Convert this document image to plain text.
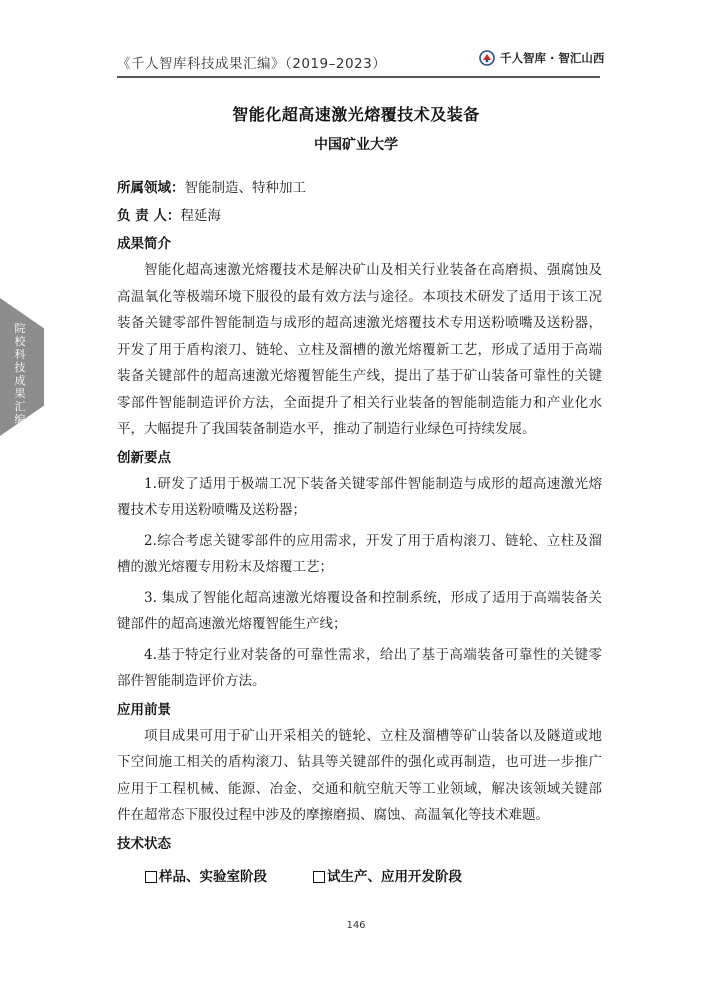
《千人智库科技成果汇编》（2019–2023）	千人智库 · 智汇山西
院校科技成果汇编
智能化超高速激光熔覆技术及装备
中国矿业大学
所属领域：智能制造、特种加工
负 责 人：程延海
成果简介

智能化超高速激光熔覆技术是解决矿山及相关行业装备在高磨损、强腐蚀及高温氧化等极端环境下服役的最有效方法与途径。本项技术研发了适用于该工况装备关键零部件智能制造与成形的超高速激光熔覆技术专用送粉喷嘴及送粉器，开发了用于盾构滚刀、链轮、立柱及溜槽的激光熔覆新工艺，形成了适用于高端装备关键部件的超高速激光熔覆智能生产线，提出了基于矿山装备可靠性的关键零部件智能制造评价方法，全面提升了相关行业装备的智能制造能力和产业化水平，大幅提升了我国装备制造水平，推动了制造行业绿色可持续发展。

创新要点

1.研发了适用于极端工况下装备关键零部件智能制造与成形的超高速激光熔覆技术专用送粉喷嘴及送粉器；

2.综合考虑关键零部件的应用需求，开发了用于盾构滚刀、链轮、立柱及溜槽的激光熔覆专用粉末及熔覆工艺；

3. 集成了智能化超高速激光熔覆设备和控制系统，形成了适用于高端装备关键部件的超高速激光熔覆智能生产线；

4.基于特定行业对装备的可靠性需求，给出了基于高端装备可靠性的关键零部件智能制造评价方法。

应用前景

项目成果可用于矿山开采相关的链轮、立柱及溜槽等矿山装备以及隧道或地下空间施工相关的盾构滚刀、钻具等关键部件的强化或再制造，也可进一步推广应用于工程机械、能源、冶金、交通和航空航天等工业领域，解决该领域关键部件在超常态下服役过程中涉及的摩擦磨损、腐蚀、高温氧化等技术难题。

技术状态
样品、实验室阶段	试生产、应用开发阶段
146
